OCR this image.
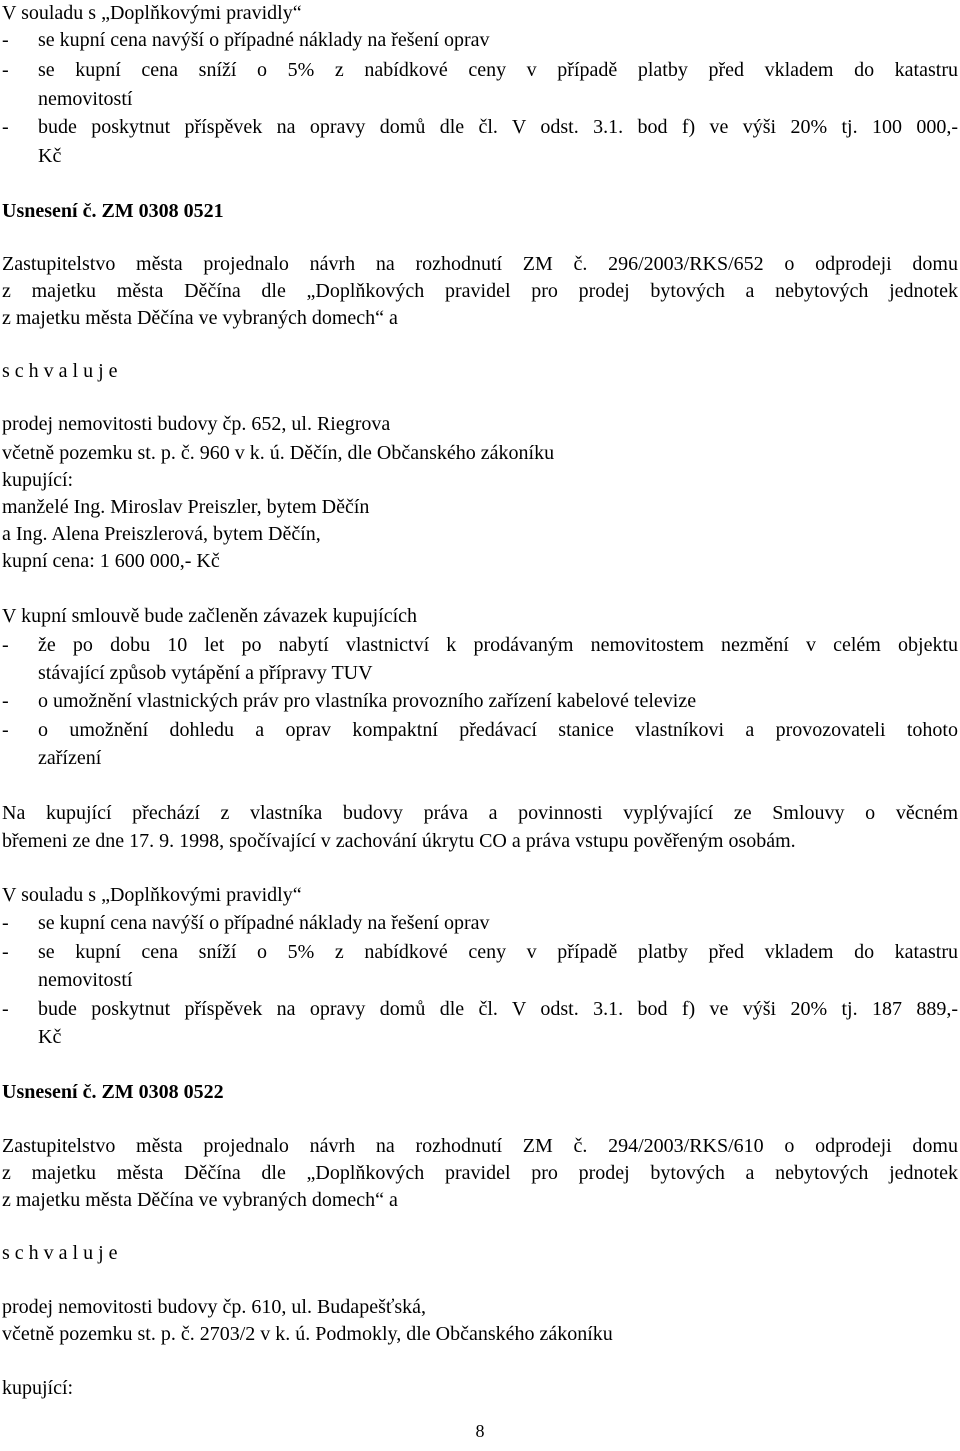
V souladu s „Doplňkovými pravidly“
- se kupní cena navýší o případné náklady na řešení oprav
- se kupní cena sníží o 5% z nabídkové ceny v případě platby před vkladem do katastru
nemovitostí
- bude poskytnut příspěvek na opravy domů dle čl. V odst. 3.1. bod f) ve výši 20% tj. 100 000,-
Kč
Usnesení č. ZM 0308 0521
Zastupitelstvo města projednalo návrh na rozhodnutí ZM č. 296/2003/RKS/652 o odprodeji domu
z majetku města Děčína dle „Doplňkových pravidel pro prodej bytových a nebytových jednotek
z majetku města Děčína ve vybraných domech“ a
s c h v a l u j e
prodej nemovitosti budovy čp. 652, ul. Riegrova
včetně pozemku st. p. č. 960 v k. ú. Děčín, dle Občanského zákoníku
kupující:
manželé Ing. Miroslav Preiszler, bytem Děčín
a Ing. Alena Preiszlerová, bytem Děčín,
kupní cena: 1 600 000,- Kč
V kupní smlouvě bude začleněn závazek kupujících
- že po dobu 10 let po nabytí vlastnictví k prodávaným nemovitostem nezmění v celém objektu
stávající způsob vytápění a přípravy TUV
- o umožnění vlastnických práv pro vlastníka provozního zařízení kabelové televize
- o umožnění dohledu a oprav kompaktní předávací stanice vlastníkovi a provozovateli tohoto
zařízení
Na kupující přechází z vlastníka budovy práva a povinnosti vyplývající ze Smlouvy o věcném
břemeni ze dne 17. 9. 1998, spočívající v zachování úkrytu CO a práva vstupu pověřeným osobám.
V souladu s „Doplňkovými pravidly“
- se kupní cena navýší o případné náklady na řešení oprav
- se kupní cena sníží o 5% z nabídkové ceny v případě platby před vkladem do katastru
nemovitostí
- bude poskytnut příspěvek na opravy domů dle čl. V odst. 3.1. bod f) ve výši 20% tj. 187 889,-
Kč
Usnesení č. ZM 0308 0522
Zastupitelstvo města projednalo návrh na rozhodnutí ZM č. 294/2003/RKS/610 o odprodeji domu
z majetku města Děčína dle „Doplňkových pravidel pro prodej bytových a nebytových jednotek
z majetku města Děčína ve vybraných domech“ a
s c h v a l u j e
prodej nemovitosti budovy čp. 610, ul. Budapešťská,
včetně pozemku st. p. č. 2703/2 v k. ú. Podmokly, dle Občanského zákoníku
kupující:
8
